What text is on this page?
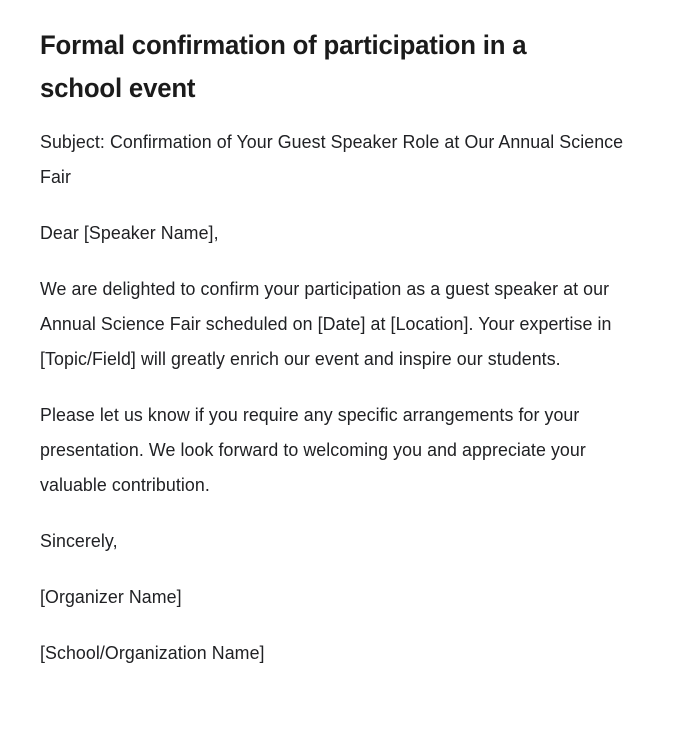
Formal confirmation of participation in a school event

Subject: Confirmation of Your Guest Speaker Role at Our Annual Science Fair

Dear [Speaker Name],

We are delighted to confirm your participation as a guest speaker at our Annual Science Fair scheduled on [Date] at [Location]. Your expertise in [Topic/Field] will greatly enrich our event and inspire our students.

Please let us know if you require any specific arrangements for your presentation. We look forward to welcoming you and appreciate your valuable contribution.

Sincerely,

[Organizer Name]

[School/Organization Name]
